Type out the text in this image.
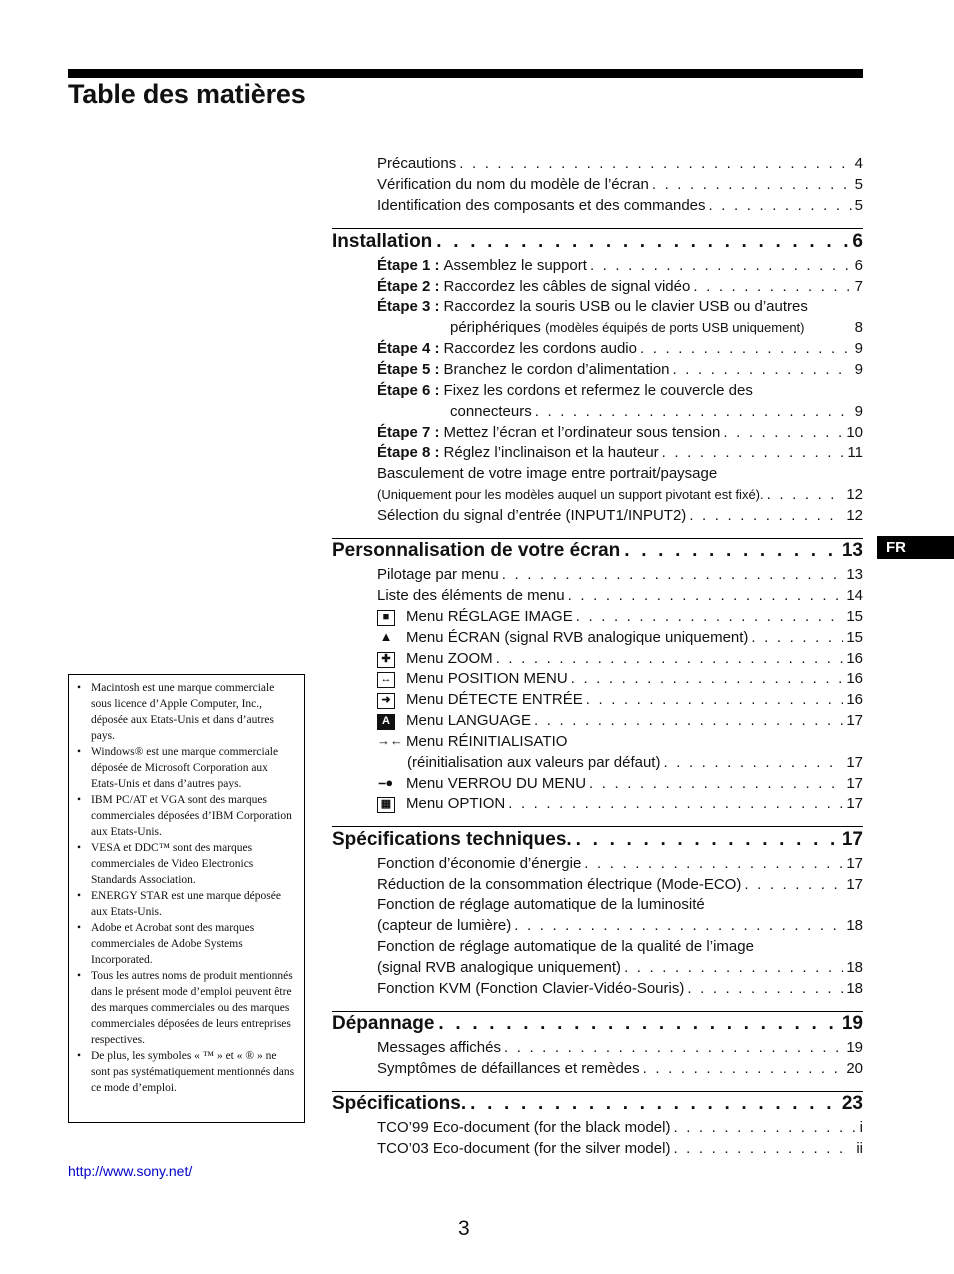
Table des matières
Précautions . . .	4
Vérification du nom du modèle de l’écran . . .	5
Identification des composants et des commandes . . .	5
Installation . . .	6
Étape 1 : Assemblez le support . . .	6
Étape 2 : Raccordez les câbles de signal vidéo . . .	7
Étape 3 : Raccordez la souris USB ou le clavier USB ou d’autres
périphériques
(modèles équipés de ports USB uniquement)	8
Étape 4 : Raccordez les cordons audio . . .	9
Étape 5 : Branchez le cordon d’alimentation . . .	9
Étape 6 : Fixez les cordons et refermez le couvercle des
connecteurs . . .	9
Étape 7 : Mettez l’écran et l’ordinateur sous tension . . .	10
Étape 8 : Réglez l’inclinaison et la hauteur . . .	11
Basculement de votre image entre portrait/paysage
(Uniquement pour les modèles auquel un support pivotant est fixé). . . .	12
Sélection du signal d’entrée (INPUT1/INPUT2) . . .	12
Personnalisation de votre écran . . .	13
Pilotage par menu . . .	13
Liste des éléments de menu . . .	14
■	Menu RÉGLAGE IMAGE . . .	15
▲ Menu ÉCRAN (signal RVB analogique uniquement) . . .	15
✚ Menu ZOOM . . .	16
↔ Menu POSITION MENU . . .	16
➜ Menu DÉTECTE ENTRÉE . . .	16
A	Menu LANGUAGE . . .	17
→← Menu RÉINITIALISATIO
(réinitialisation aux valeurs par défaut) . . .	17
⎯● Menu VERROU DU MENU . . .	17
▦ Menu OPTION . . .	17
Spécifications techniques. . . .	17
Fonction d’économie d’énergie . . .	17
Réduction de la consommation électrique (Mode-ECO) . . .	17
Fonction de réglage automatique de la luminosité
(capteur de lumière) . . .	18
Fonction de réglage automatique de la qualité de l’image
(signal RVB analogique uniquement) . . .	18
Fonction KVM (Fonction Clavier-Vidéo-Souris) . . .	18
Dépannage . . .	19
Messages affichés . . .	19
Symptômes de défaillances et remèdes . . .	20
Spécifications. . . .	23
TCO’99 Eco-document (for the black model) . . .	i
TCO’03 Eco-document (for the silver model) . . .	ii
FR
• Macintosh est une marque commerciale sous licence d’Apple Computer, Inc., déposée aux Etats-Unis et dans d’autres pays.
• Windows® est une marque commerciale déposée de Microsoft Corporation aux Etats-Unis et dans d’autres pays.
• IBM PC/AT et VGA sont des marques commerciales déposées d’IBM Corporation aux Etats-Unis.
• VESA et DDC™ sont des marques commerciales de Video Electronics Standards Association.
• ENERGY STAR est une marque déposée aux Etats-Unis.
• Adobe et Acrobat sont des marques commerciales de Adobe Systems Incorporated.
• Tous les autres noms de produit mentionnés dans le présent mode d’emploi peuvent être des marques commerciales ou des marques commerciales déposées de leurs entreprises respectives.
• De plus, les symboles « ™ » et « ® » ne sont pas systématiquement mentionnés dans ce mode d’emploi.
http://www.sony.net/
3
